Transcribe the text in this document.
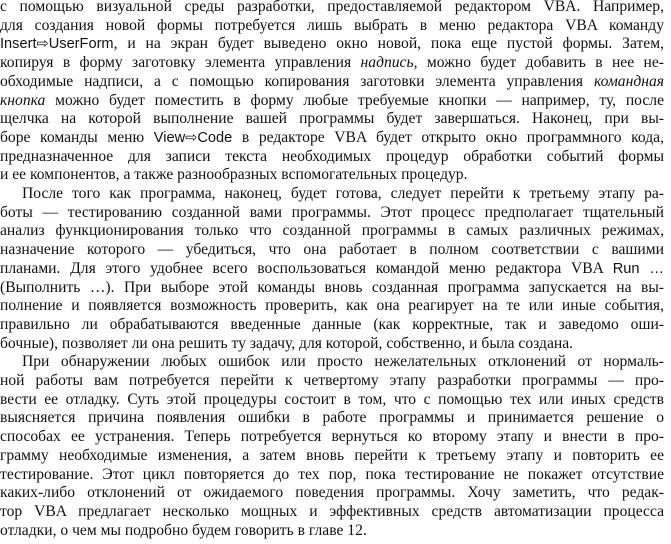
с помощью визуальной среды разработки, предоставляемой редактором VBA. Например,
для создания новой формы потребуется лишь выбрать в меню редактора VBA команду
Insert⇨UserForm, и на экран будет выведено окно новой, пока еще пустой формы. Затем,
копируя в форму заготовку элемента управления надпись, можно будет добавить в нее не-
обходимые надписи, а с помощью копирования заготовки элемента управления командная
кнопка можно будет поместить в форму любые требуемые кнопки — например, ту, после
щелчка на которой выполнение вашей программы будет завершаться. Наконец, при вы-
боре команды меню View⇨Code в редакторе VBA будет открыто окно программного кода,
предназначенное для записи текста необходимых процедур обработки событий формы
и ее компонентов, а также разнообразных вспомогательных процедур.
После того как программа, наконец, будет готова, следует перейти к третьему этапу ра-
боты — тестированию созданной вами программы. Этот процесс предполагает тщательный
анализ функционирования только что созданной программы в самых различных режимах,
назначение которого — убедиться, что она работает в полном соответствии с вашими
планами. Для этого удобнее всего воспользоваться командой меню редактора VBA Run …
(Выполнить …). При выборе этой команды вновь созданная программа запускается на вы-
полнение и появляется возможность проверить, как она реагирует на те или иные события,
правильно ли обрабатываются введенные данные (как корректные, так и заведомо оши-
бочные), позволяет ли она решить ту задачу, для которой, собственно, и была создана.
При обнаружении любых ошибок или просто нежелательных отклонений от нормаль-
ной работы вам потребуется перейти к четвертому этапу разработки программы — про-
вести ее отладку. Суть этой процедуры состоит в том, что с помощью тех или иных средств
выясняется причина появления ошибки в работе программы и принимается решение о
способах ее устранения. Теперь потребуется вернуться ко второму этапу и внести в про-
грамму необходимые изменения, а затем вновь перейти к третьему этапу и повторить ее
тестирование. Этот цикл повторяется до тех пор, пока тестирование не покажет отсутствие
каких-либо отклонений от ожидаемого поведения программы. Хочу заметить, что редак-
тор VBA предлагает несколько мощных и эффективных средств автоматизации процесса
отладки, о чем мы подробно будем говорить в главе 12.
